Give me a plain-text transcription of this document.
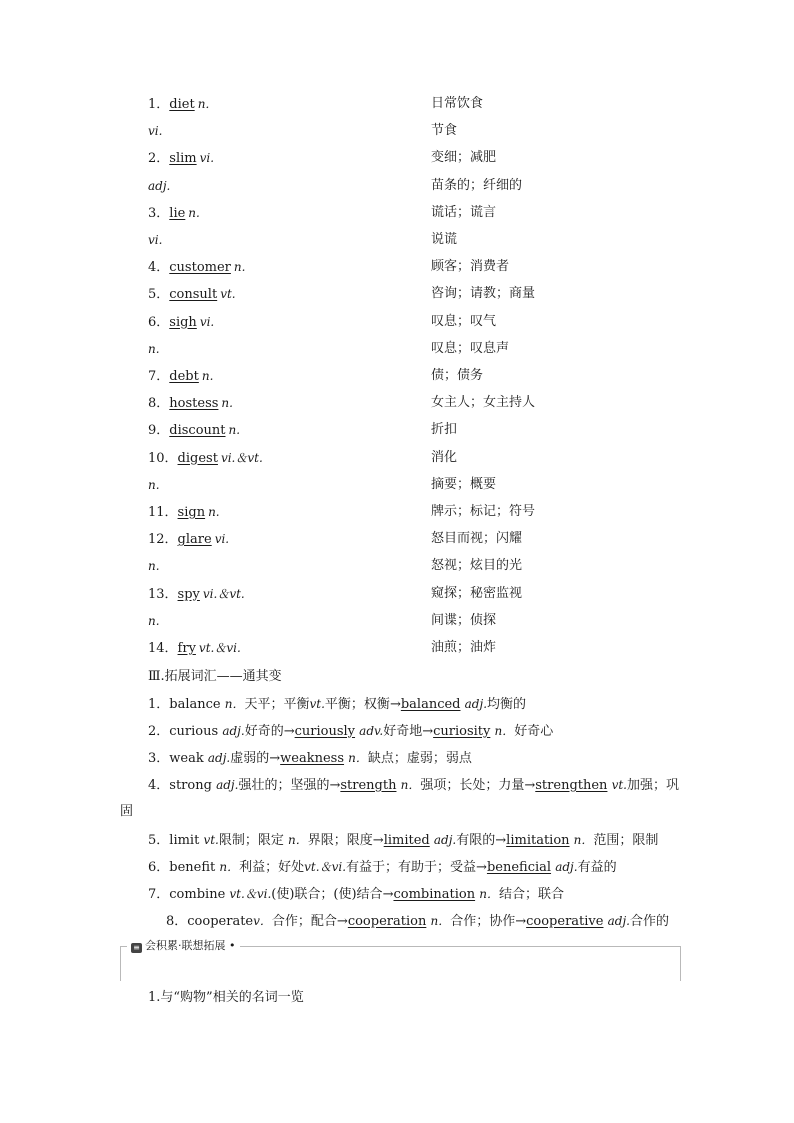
1．diet n．	日常饮食
vi.	节食
2．slim vi.	变细；减肥
adj.	苗条的；纤细的
3．lie n.	谎话；谎言
vi.	说谎
4．customer n.	顾客；消费者
5．consult vt.	咨询；请教；商量
6．sigh vi.	叹息；叹气
n.	叹息；叹息声
7．debt n.	债；债务
8．hostess n.	女主人；女主持人
9．discount n.	折扣
10．digest vi.＆vt.	消化
n.	摘要；概要
11．sign n.	牌示；标记；符号
12．glare vi.	怒目而视；闪耀
n.	怒视；炫目的光
13．spy vi.＆vt.	窥探；秘密监视
n.	间谍；侦探
14．fry vt.＆vi.	油煎；油炸
Ⅲ.拓展词汇——通其变
1．balance n．天平；平衡vt.平衡；权衡→balanced adj.均衡的
2．curious adj.好奇的→curiously adv.好奇地→curiosity n．好奇心
3．weak adj.虚弱的→weakness n．缺点；虚弱；弱点
4．strong adj.强壮的；坚强的→strength n．强项；长处；力量→strengthen vt.加强；巩
固
5．limit vt.限制；限定 n．界限；限度→limited adj.有限的→limitation n．范围；限制
6．benefit n．利益；好处vt.＆vi.有益于；有助于；受益→beneficial adj.有益的
7．combine vt.＆vi.(使)联合；(使)结合→combination n．结合；联合
8．cooperatev．合作；配合→cooperation n．合作；协作→cooperative adj.合作的
≡ 会积累·联想拓展 •
1.与“购物”相关的名词一览
